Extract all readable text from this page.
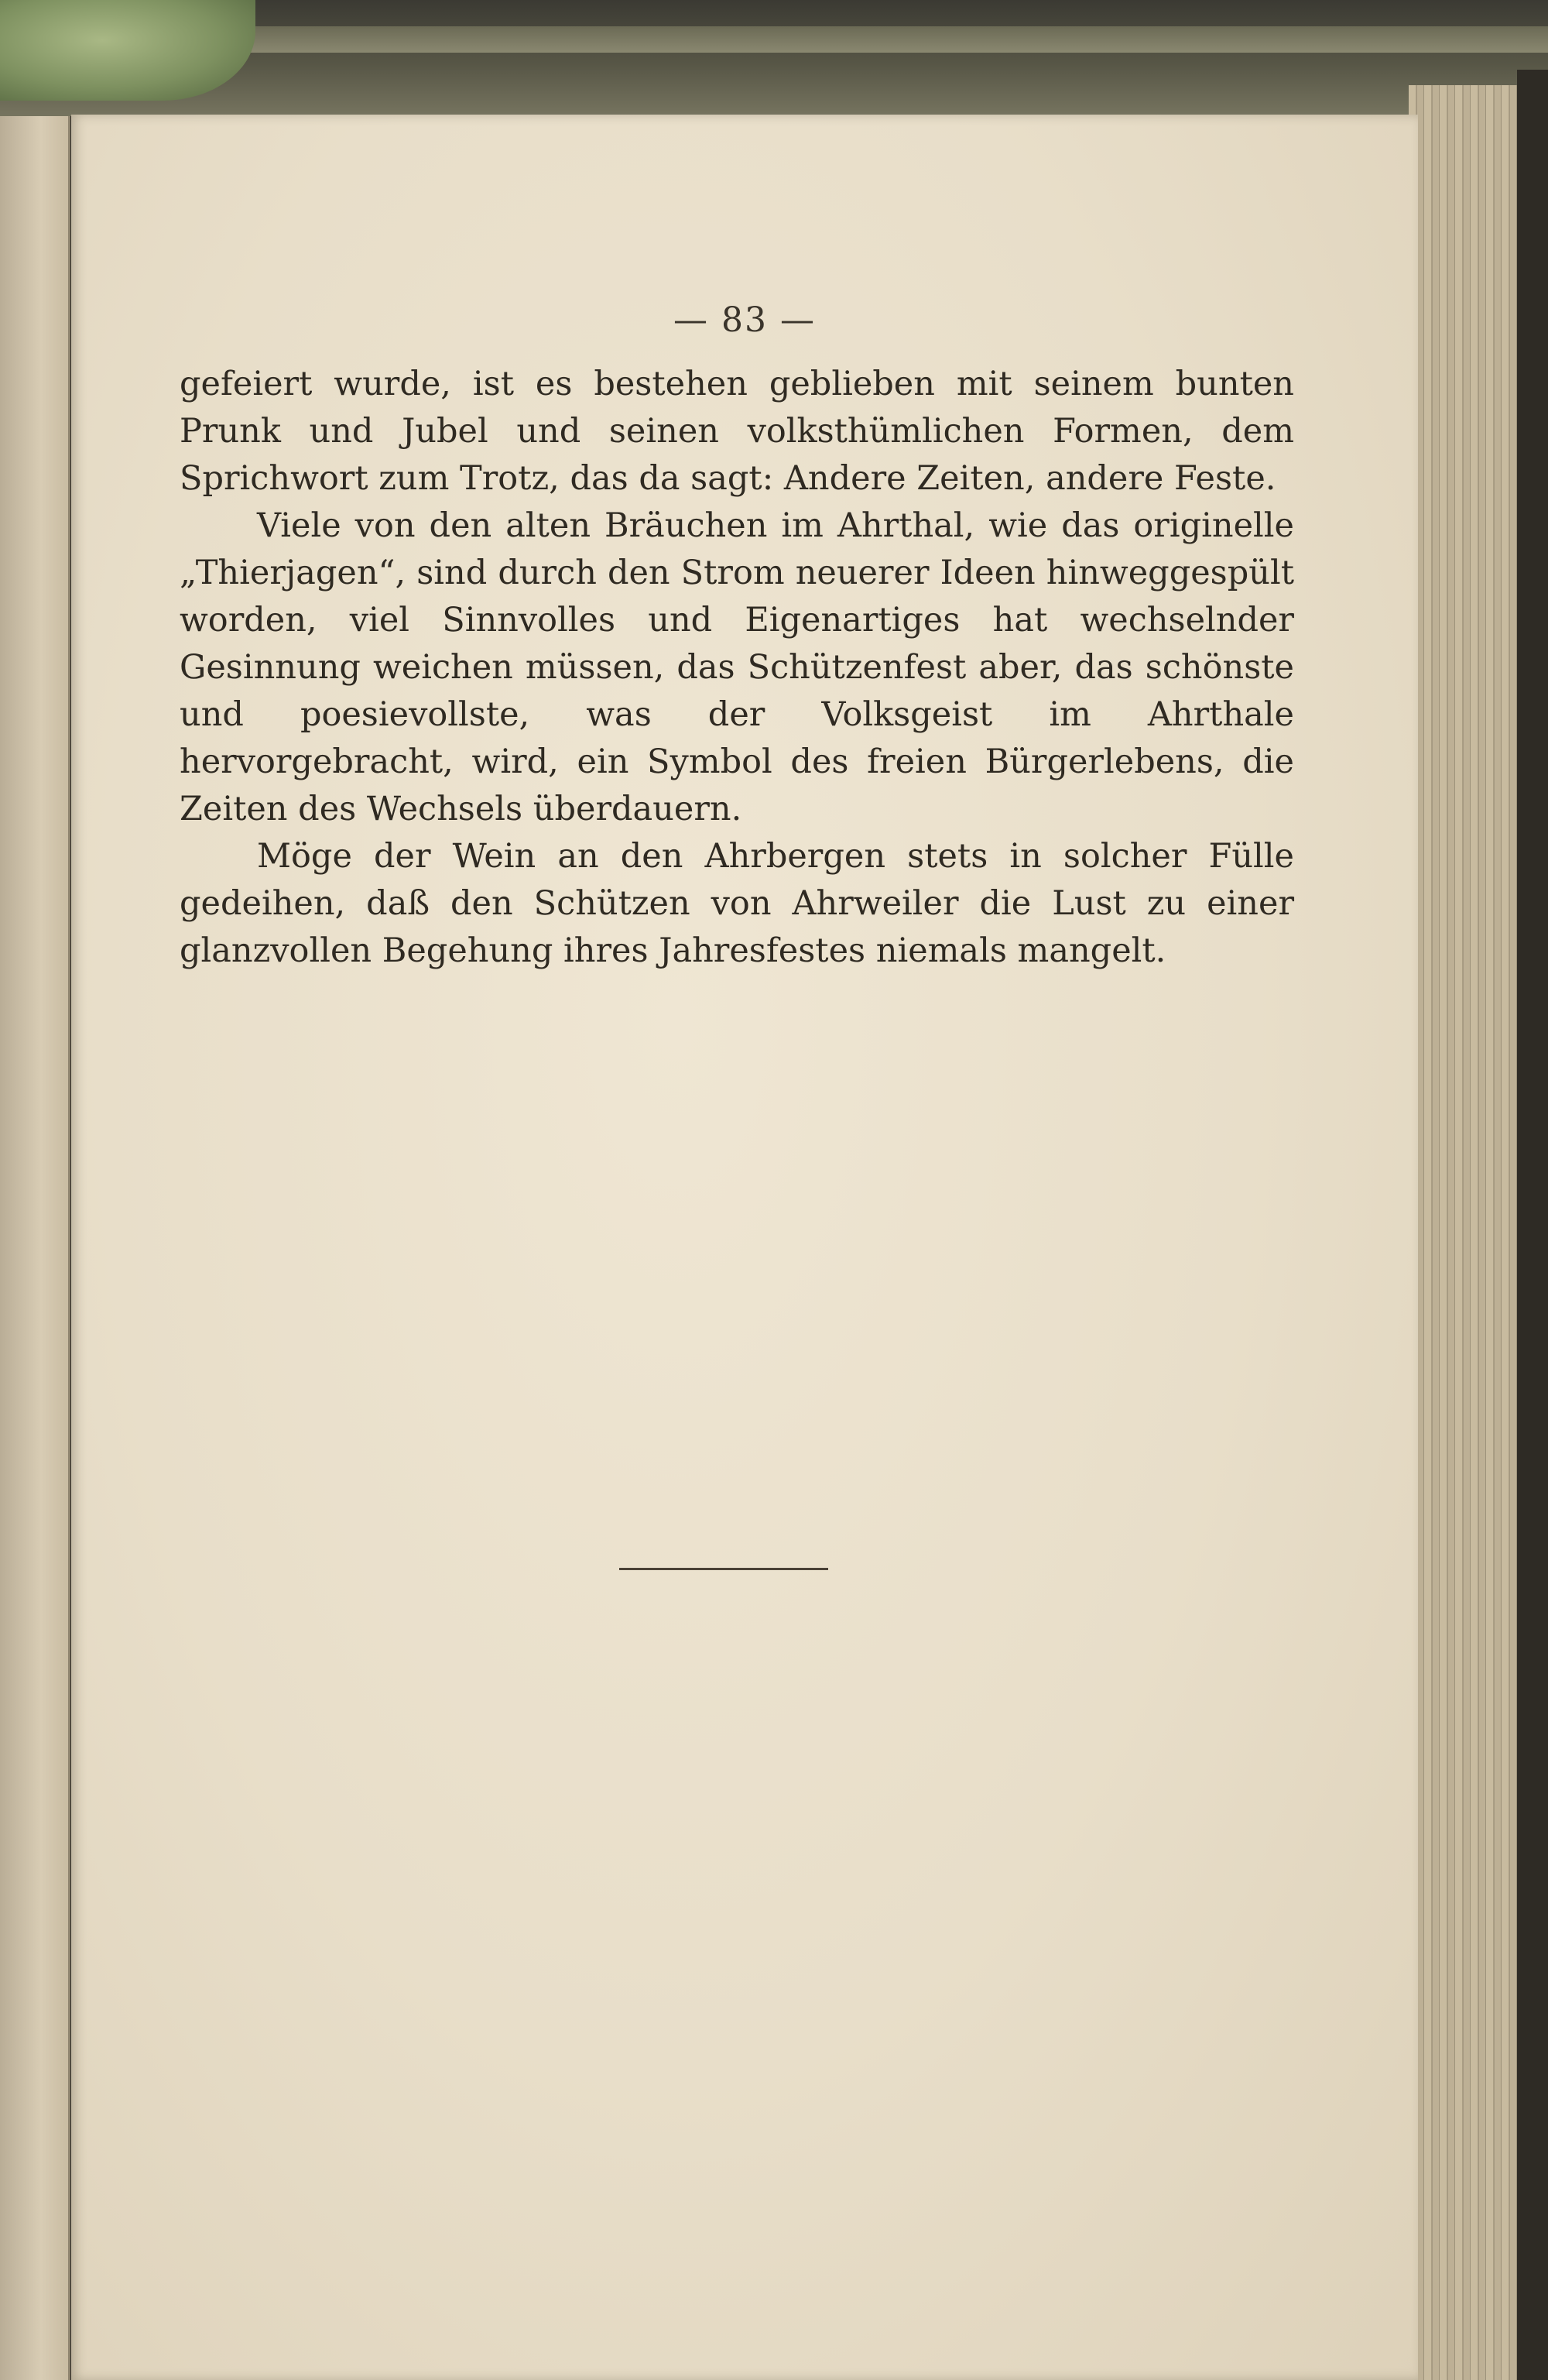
— 83 —

gefeiert wurde, ist es bestehen geblieben mit seinem bunten Prunk und Jubel und seinen volksthümlichen Formen, dem Sprichwort zum Trotz, das da sagt: Andere Zeiten, andere Feste.

Viele von den alten Bräuchen im Ahrthal, wie das originelle „Thierjagen“, sind durch den Strom neuerer Ideen hinweggespült worden, viel Sinnvolles und Eigenartiges hat wechselnder Gesinnung weichen müssen, das Schützenfest aber, das schönste und poesievollste, was der Volksgeist im Ahrthale hervorgebracht, wird, ein Symbol des freien Bürgerlebens, die Zeiten des Wechsels überdauern.

Möge der Wein an den Ahrbergen stets in solcher Fülle gedeihen, daß den Schützen von Ahrweiler die Lust zu einer glanzvollen Begehung ihres Jahresfestes niemals mangelt.
